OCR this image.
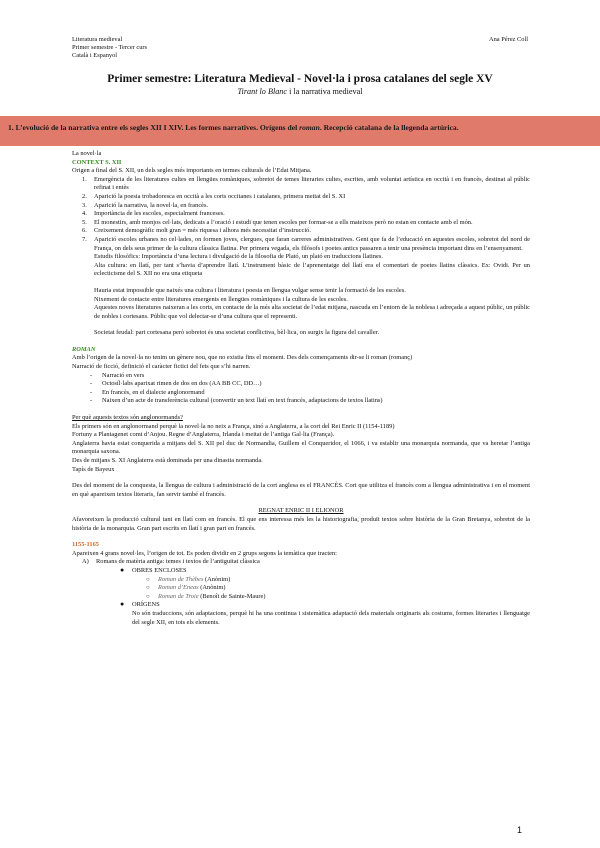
Literatura medieval
Primer semestre - Tercer curs
Català i Espanyol
Ana Pérez Coll
Primer semestre: Literatura Medieval - Novel·la i prosa catalanes del segle XV
Tirant lo Blanc i la narrativa medieval
1. L’evolució de la narrativa entre els segles XII I XIV. Les formes narratives. Orígens del roman. Recepció catalana de la llegenda artúrica.
La novel·la
CONTEXT S. XII
Origen a final del S. XII, un dels segles més importants en termes culturals de l’Edat Mitjana.
1. Emergència de les literatures cultes en llengües romàniques, sobretot de temes literaries cultes, escrites, amb voluntat artística en occità i en francès, destinat al públic refinat i entès
2. Aparició la poesia trobadoresca en occità a les corts occitanes i catalanes, primera meitat del S. XI
3. Aparició la narrativa, la novel·la, en francès.
4. Importància de les escoles, especialment franceses.
5. El monestirs, amb monjos cel·lats, dedicats a l’oració i estudi que tenen escoles per formar-se a ells mateixos però no estan en contacte amb el món.
6. Creixement demogràfic molt gran = més riquesa i alhora més necessitat d’instrucció.
7. Aparició escoles urbanes no cel·lades, on formen joves, clergues, que faran carreres administratives. Gent que fa de l’educació en aquestes escoles, sobretot del nord de França, on dels seus primer de la cultura clàssica llatina. Per primera vegada, els filòsofs i poetes antics passaren a tenir una presència important dins en l’ensenyament.
Estudis filosòfics: Importància d’una lectura i divulgació de la filosofia de Plató, un plató en traduccions llatines.
Alta cultura: en llatí, per tant s’havia d’aprendre llatí. L’instrument bàsic de l’aprenentatge del llatí era el comentari de poetes llatins clàssics. Ex: Ovidi. Per un eclecticisme del S. XII no era una etiqueta
Hauria estat impossible que naixés una cultura i literatura i poesia en llengua vulgar sense tenir la formació de les escoles.
Nixement de contacte entre literatures emergents en llengües romàniques i la cultura de les escoles.
Aquestes noves literatures naixeran a les corts, en contacte de la més alta societat de l’edat mitjana, nascuda en l’entorn de la noblesa i adreçada a aquest públic, un públic de nobles i cortesans. Públic que vol delectar-se d’una cultura que el representi.
Societat feudal: part cortesana però sobretot és una societat conflictiva, bèl·lica, on surgix la figura del cavaller.
ROMAN
Amb l’origen de la novel·la no tenim un gènere nou, que no existia fins el moment. Des dels començaments dir-se li roman (romanç)
Narració de ficció, definició el caràcter fictici del fets que s’hi narren.
- Narració en vers
- Octosíl·labs aparixat rimen de dos en dos (AA BB CC, DD…)
- En francès, en el dialecte anglonormand
- Naixen d’un acte de transferència cultural (convertir un text llatí en text francès, adaptacions de textos llatins)
Per què aquests textos són anglonormands?
Els primers són en anglonormand perquè la novel·la no neix a França, sinó a Anglaterra, a la cort del Rei Enric II (1154-1189)
Fortuny a Plantagenet comt d’Anjou. Regne d’Anglaterra, Irlanda i meitat de l’antiga Gal·lia (França).
Anglaterra havia estat conquerida a mitjans del S. XII pel duc de Normandia, Guillem el Conqueridor, el 1066, i va establir una monarquia normanda, que va heretar l’antiga monarquia saxona.
Des de mitjans S. XI Anglaterra està dominada per una dinastia normanda.
Tapís de Bayeux
Des del moment de la conquesta, la llengua de cultura i administració de la cort anglesa es el FRANCÈS. Cort que utilitza el francès com a llengua administrativa i en el moment en què apareixen textos literaris, fan servir també el francès.
REGNAT ENRIC II I ELIONOR
Afavoreixen la producció cultural tant en llatí com en francès. El que ens interessa més les la historiografia, produït textos sobre història de la Gran Bretanya, sobretot de la història de la monarquia. Gran part escrits en llatí i gran part en francès.
1155-1165
Apareixen 4 grans novel·les, l’origen de tot. Es poden dividir en 2 grups segons la temàtica que tracten:
A) Romans de matèria antiga: temes i textos de l’antiguitat clàssica
● OBRES ENCLOSES
○ Roman de Thèbes (Anònim)
○ Roman d’Eneas (Anònim)
○ Roman de Troie (Benoît de Sainte-Maure)
● ORÍGENS
No són traduccions, són adaptacions, perquè hi ha una continua i sistemàtica adaptació dels materials originaris als costums, formes literaries i llenguatge del segle XII, en tots els elements.
1
